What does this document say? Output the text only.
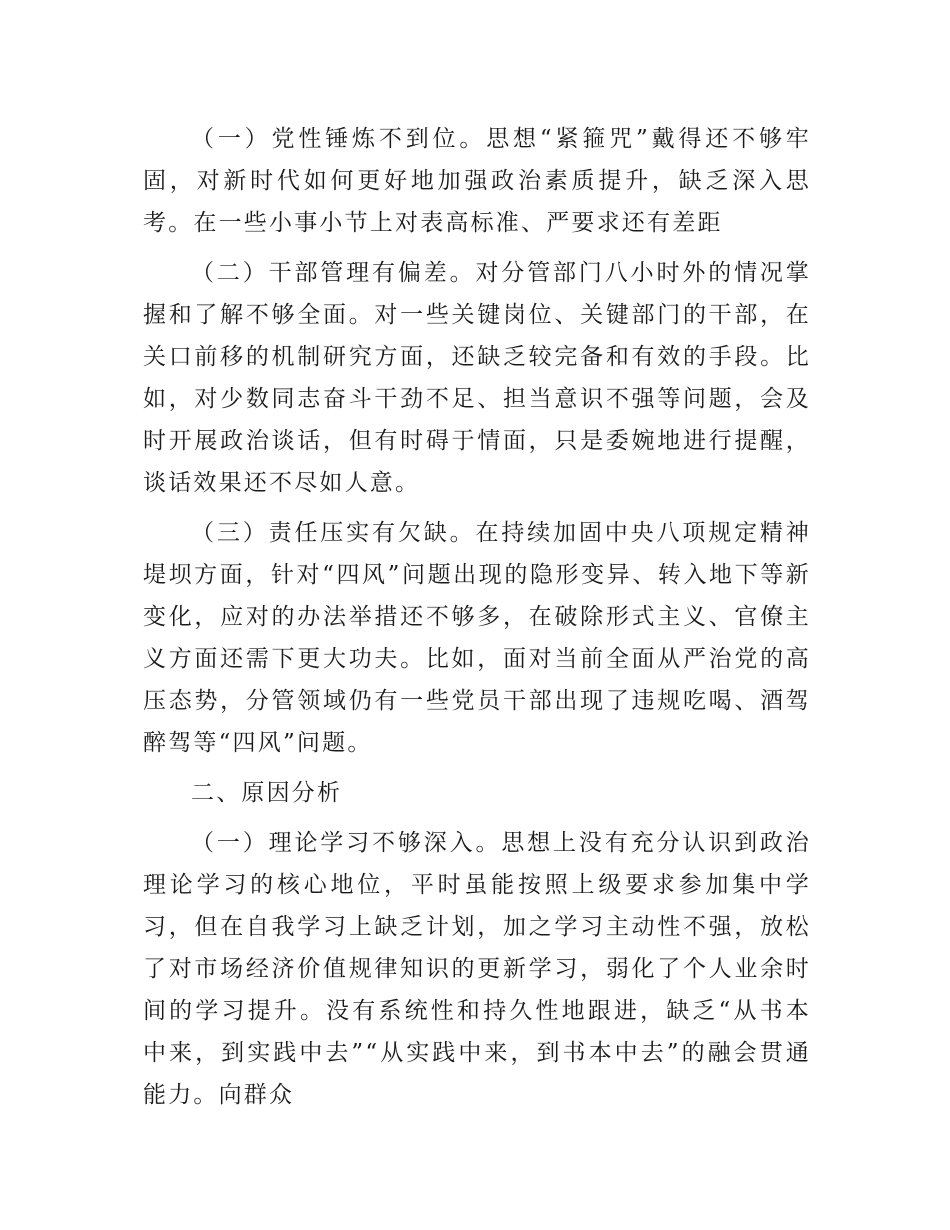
（一）党性锤炼不到位。思想“紧箍咒”戴得还不够牢固，对新时代如何更好地加强政治素质提升，缺乏深入思考。在一些小事小节上对表高标准、严要求还有差距

（二）干部管理有偏差。对分管部门八小时外的情况掌握和了解不够全面。对一些关键岗位、关键部门的干部，在关口前移的机制研究方面，还缺乏较完备和有效的手段。比如，对少数同志奋斗干劲不足、担当意识不强等问题，会及时开展政治谈话，但有时碍于情面，只是委婉地进行提醒，谈话效果还不尽如人意。

（三）责任压实有欠缺。在持续加固中央八项规定精神堤坝方面，针对“四风”问题出现的隐形变异、转入地下等新变化，应对的办法举措还不够多，在破除形式主义、官僚主义方面还需下更大功夫。比如，面对当前全面从严治党的高压态势，分管领域仍有一些党员干部出现了违规吃喝、酒驾醉驾等“四风”问题。

二、原因分析

（一）理论学习不够深入。思想上没有充分认识到政治理论学习的核心地位，平时虽能按照上级要求参加集中学习，但在自我学习上缺乏计划，加之学习主动性不强，放松了对市场经济价值规律知识的更新学习，弱化了个人业余时间的学习提升。没有系统性和持久性地跟进，缺乏“从书本中来，到实践中去”“从实践中来，到书本中去”的融会贯通能力。向群众
